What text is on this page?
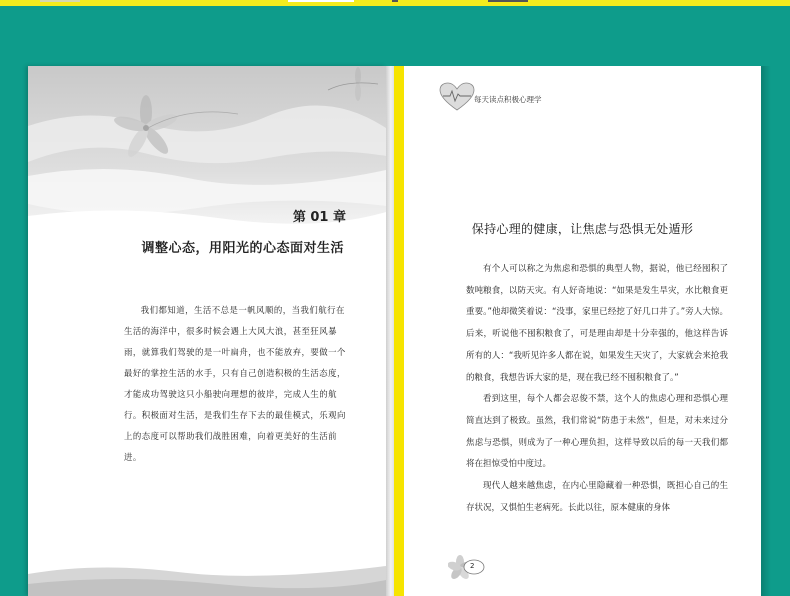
第 01 章
调整心态，用阳光的心态面对生活

我们都知道，生活不总是一帆风顺的，当我们航行在生活的海洋中，很多时候会遇上大风大浪，甚至狂风暴雨，就算我们驾驶的是一叶扁舟，也不能放弃，要做一个最好的掌控生活的水手，只有自己创造积极的生活态度，才能成功驾驶这只小船驶向理想的彼岸，完成人生的航行。积极面对生活，是我们生存下去的最佳模式，乐观向上的态度可以帮助我们战胜困难，向着更美好的生活前进。

每天读点积极心理学
保持心理的健康，让焦虑与恐惧无处遁形

有个人可以称之为焦虑和恐惧的典型人物，据说，他已经囤积了数吨粮食，以防天灾。有人好奇地说：“如果是发生旱灾，水比粮食更重要。”他却微笑着说：“没事，家里已经挖了好几口井了。”旁人大惊。后来，听说他不囤积粮食了，可是理由却是十分幸强的，他这样告诉所有的人：“我听见许多人都在说，如果发生天灾了，大家就会来抢我的粮食，我想告诉大家的是，现在我已经不囤积粮食了。”

看到这里，每个人都会忍俊不禁，这个人的焦虑心理和恐惧心理简直达到了极致。虽然，我们常说“防患于未然”，但是，对未来过分焦虑与恐惧，则成为了一种心理负担，这样导致以后的每一天我们都将在担惊受怕中度过。

现代人越来越焦虑，在内心里隐藏着一种恐惧，既担心自己的生存状况，又惧怕生老病死。长此以往，原本健康的身体

2
